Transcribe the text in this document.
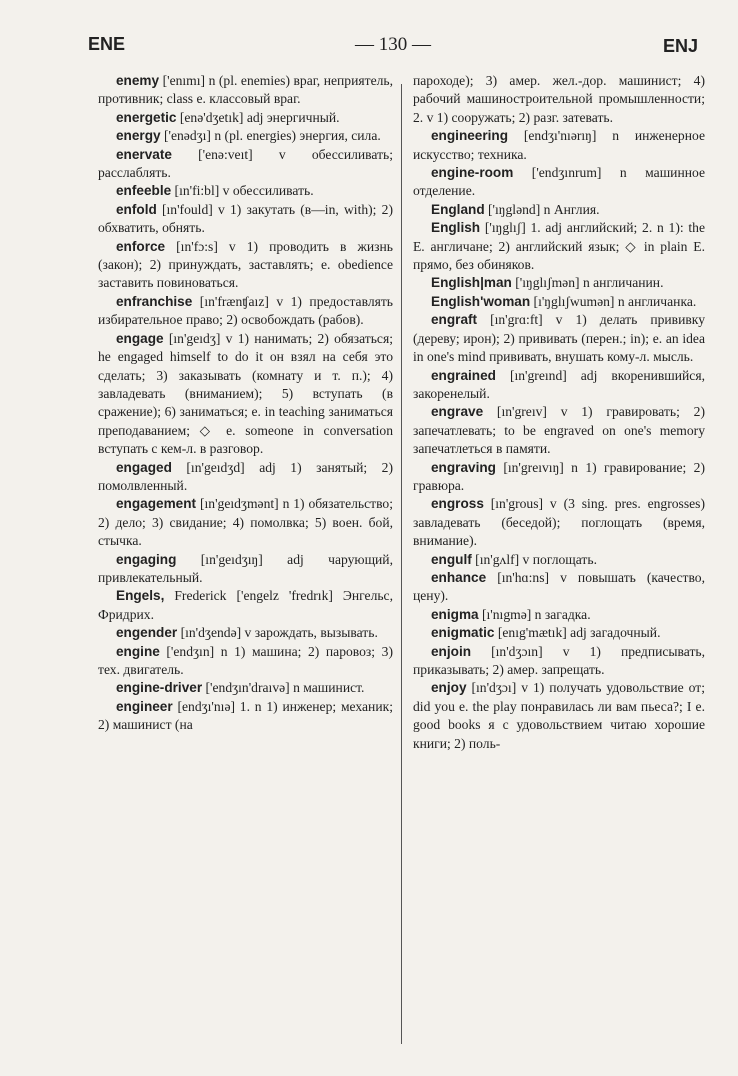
ENE	— 130 —	ENJ

enemy ['enımı] n (pl. enemies) враг, неприятель, противник; class e. классовый враг.

energetic [enə'dʒetık] adj энергичный.

energy ['enədʒı] n (pl. energies) энергия, сила.

enervate ['enə:veıt] v обессиливать; расслаблять.

enfeeble [ın'fi:bl] v обессиливать.

enfold [ın'fould] v 1) закутать (в—in, with); 2) обхватить, обнять.

enforce [ın'fɔ:s] v 1) проводить в жизнь (закон); 2) принуждать, заставлять; e. obedience заставить повиноваться.

enfranchise [ın'frænʧaız] v 1) предоставлять избирательное право; 2) освобождать (рабов).

engage [ın'geıdʒ] v 1) нанимать; 2) обязаться; he engaged himself to do it он взял на себя это сделать; 3) заказывать (комнату и т. п.); 4) завладевать (вниманием); 5) вступать (в сражение); 6) заниматься; e. in teaching заниматься преподаванием; ◇ e. someone in conversation вступать с кем-л. в разговор.

engaged [ın'geıdʒd] adj 1) занятый; 2) помолвленный.

engagement [ın'geıdʒmənt] n 1) обязательство; 2) дело; 3) свидание; 4) помолвка; 5) воен. бой, стычка.

engaging [ın'geıdʒıŋ] adj чарующий, привлекательный.

Engels, Frederick ['engelz 'fredrık] Энгельс, Фридрих.

engender [ın'dʒendə] v зарождать, вызывать.

engine ['endʒın] n 1) машина; 2) паровоз; 3) тех. двигатель.

engine-driver ['endʒın'draıvə] n машинист.

engineer [endʒı'nıə] 1. n 1) инженер; механик; 2) машинист (на

пароходе); 3) амер. жел.-дор. машинист; 4) рабочий машиностроительной промышленности; 2. v 1) сооружать; 2) разг. затевать.

engineering [endʒı'nıərıŋ] n инженерное искусство; техника.

engine-room ['endʒınrum] n машинное отделение.

England ['ıŋglənd] n Англия.

English ['ıŋglıʃ] 1. adj английский; 2. n 1): the E. англичане; 2) английский язык; ◇ in plain E. прямо, без обиняков.

English|man ['ıŋglıʃmən] n англичанин.

English'woman [ı'ŋglıʃwumən] n англичанка.

engraft [ın'grɑ:ft] v 1) делать прививку (дереву; ирон); 2) прививать (перен.; in); e. an idea in one's mind прививать, внушать кому-л. мысль.

engrained [ın'greınd] adj вкоренившийся, закоренелый.

engrave [ın'greıv] v 1) гравировать; 2) запечатлевать; to be engraved on one's memory запечатлеться в памяти.

engraving [ın'greıvıŋ] n 1) гравирование; 2) гравюра.

engross [ın'grous] v (3 sing. pres. engrosses) завладевать (беседой); поглощать (время, внимание).

engulf [ın'gʌlf] v поглощать.

enhance [ın'hɑ:ns] v повышать (качество, цену).

enigma [ı'nıgmə] n загадка.

enigmatic [enıg'mætık] adj загадочный.

enjoin [ın'dʒɔın] v 1) предписывать, приказывать; 2) амер. запрещать.

enjoy [ın'dʒɔı] v 1) получать удовольствие от; did you e. the play понравилась ли вам пьеса?; I e. good books я с удовольствием читаю хорошие книги; 2) поль-
